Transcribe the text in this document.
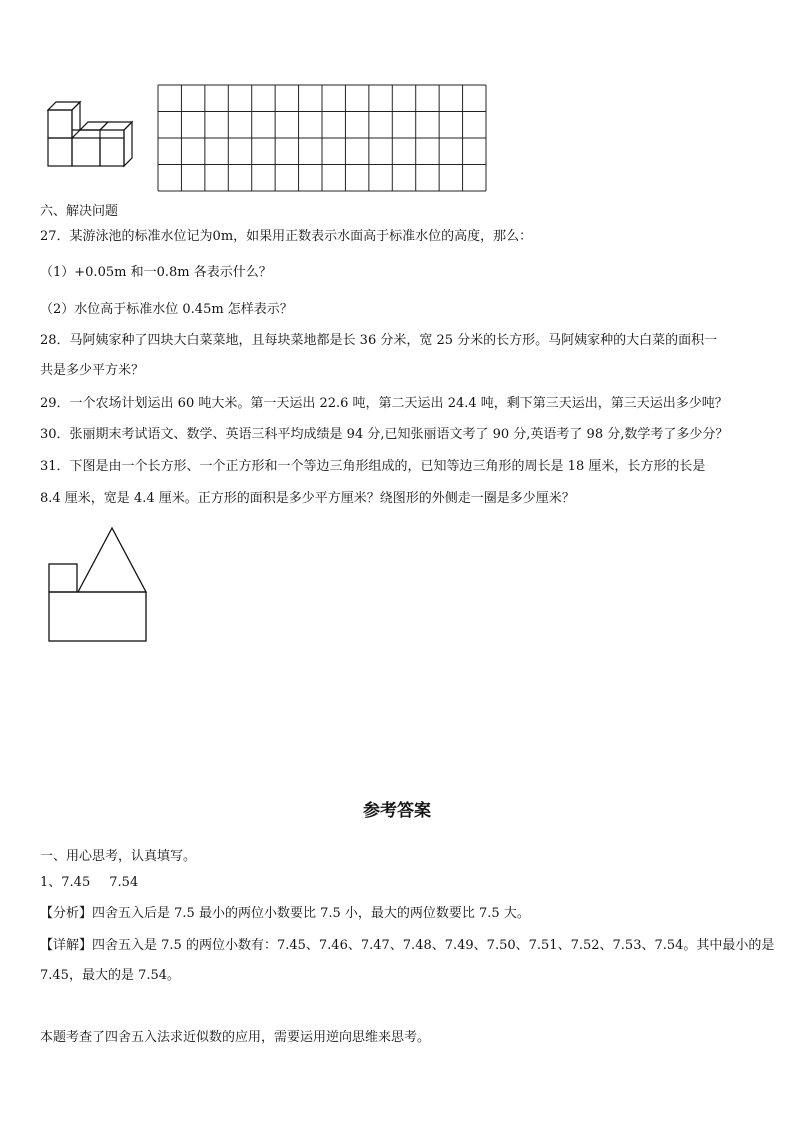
六、解决问题
27．某游泳池的标准水位记为0m，如果用正数表示水面高于标准水位的高度，那么：
（1）+0.05m 和一0.8m 各表示什么？
（2）水位高于标准水位 0.45m 怎样表示？
28．马阿姨家种了四块大白菜菜地，且每块菜地都是长 36 分米，宽 25 分米的长方形。马阿姨家种的大白菜的面积一
共是多少平方米？
29．一个农场计划运出 60 吨大米。第一天运出 22.6 吨，第二天运出 24.4 吨，剩下第三天运出，第三天运出多少吨？
30．张丽期末考试语文、数学、英语三科平均成绩是 94 分,已知张丽语文考了 90 分,英语考了 98 分,数学考了多少分？
31．下图是由一个长方形、一个正方形和一个等边三角形组成的，已知等边三角形的周长是 18 厘米，长方形的长是
8.4 厘米，宽是 4.4 厘米。正方形的面积是多少平方厘米？绕图形的外侧走一圈是多少厘米？
参考答案
一、用心思考，认真填写。
1、7.45 7.54
【分析】四舍五入后是 7.5 最小的两位小数要比 7.5 小，最大的两位数要比 7.5 大。
【详解】四舍五入是 7.5 的两位小数有：7.45、7.46、7.47、7.48、7.49、7.50、7.51、7.52、7.53、7.54。其中最小的是
7.45，最大的是 7.54。
本题考查了四舍五入法求近似数的应用，需要运用逆向思维来思考。
